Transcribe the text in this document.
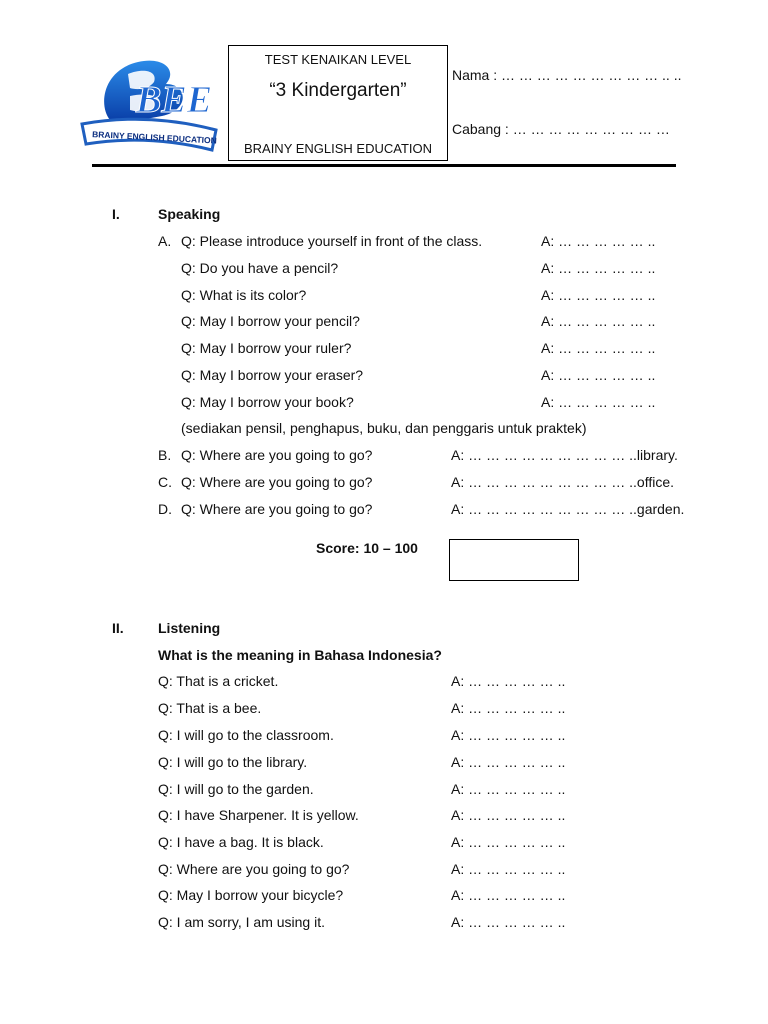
BEE
BRAINY ENGLISH EDUCATION
TEST KENAIKAN LEVEL
“3 Kindergarten”
BRAINY ENGLISH EDUCATION
Nama : … … … … … … … … … .. ..
Cabang : … … … … … … … … …
I.	Speaking
A. Q: Please introduce yourself in front of the class.	A: … … … … … ..
Q: Do you have a pencil?	A: … … … … … ..
Q: What is its color?	A: … … … … … ..
Q: May I borrow your pencil?	A: … … … … … ..
Q: May I borrow your ruler?	A: … … … … … ..
Q: May I borrow your eraser?	A: … … … … … ..
Q: May I borrow your book?	A: … … … … … ..
(sediakan pensil, penghapus, buku, dan penggaris untuk praktek)
B. Q: Where are you going to go?	A: … … … … … … … … … ..library.
C. Q: Where are you going to go?	A: … … … … … … … … … ..office.
D. Q: Where are you going to go?	A: … … … … … … … … … ..garden.
Score: 10 – 100
II. Listening
What is the meaning in Bahasa Indonesia?
Q: That is a cricket.	A: … … … … … ..
Q: That is a bee.	A: … … … … … ..
Q: I will go to the classroom.	A: … … … … … ..
Q: I will go to the library.	A: … … … … … ..
Q: I will go to the garden.	A: … … … … … ..
Q: I have Sharpener. It is yellow.	A: … … … … … ..
Q: I have a bag. It is black.	A: … … … … … ..
Q: Where are you going to go?	A: … … … … … ..
Q: May I borrow your bicycle?	A: … … … … … ..
Q: I am sorry, I am using it.	A: … … … … … ..
